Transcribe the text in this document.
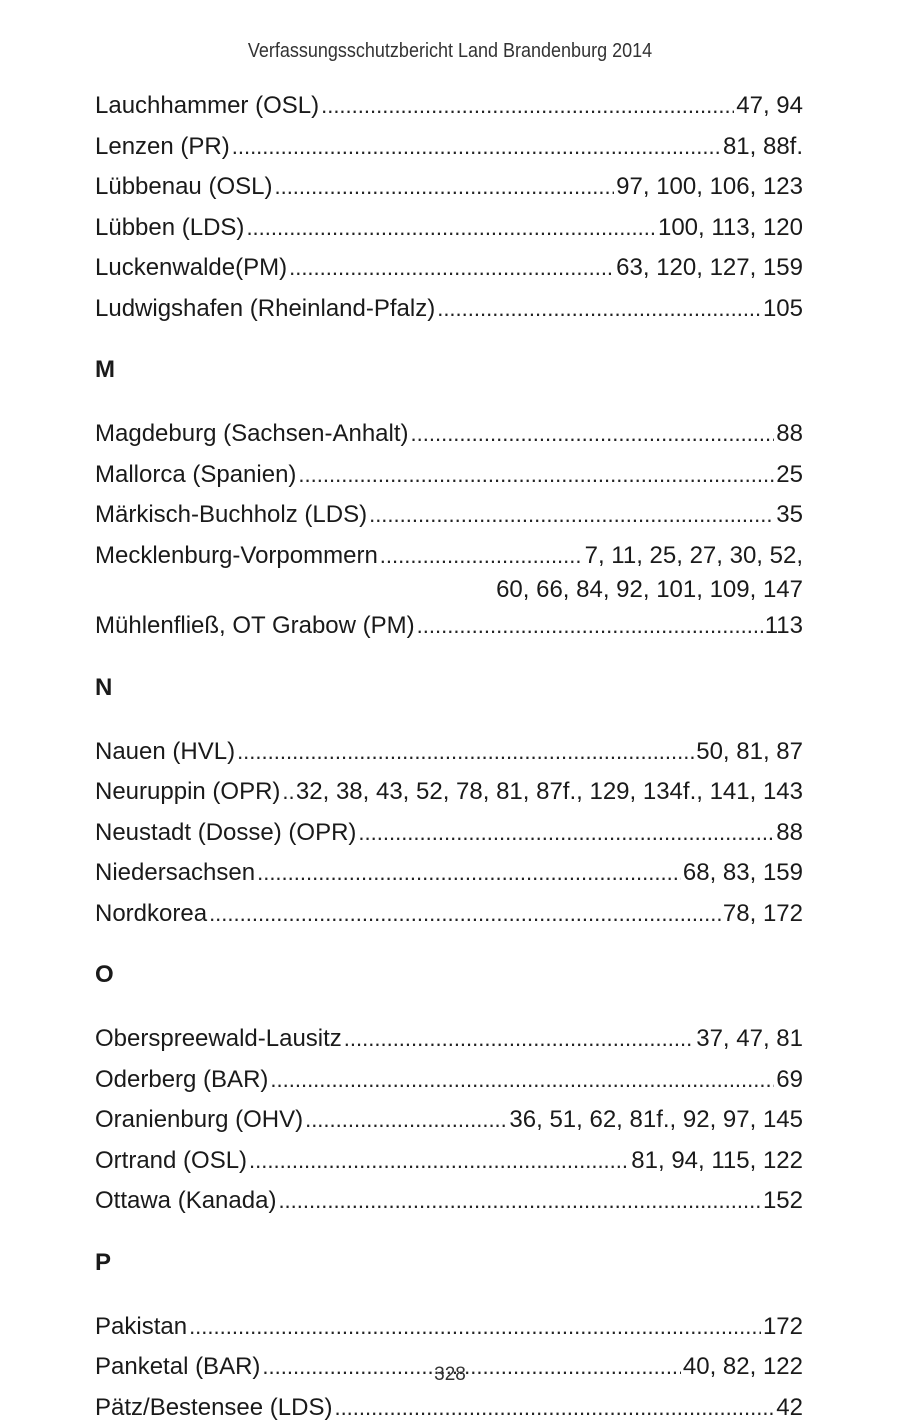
Verfassungsschutzbericht Land Brandenburg 2014
Lauchhammer (OSL) .....	47, 94
Lenzen (PR) .....	81, 88f.
Lübbenau (OSL) .....	97, 100, 106, 123
Lübben (LDS) .....	100, 113, 120
Luckenwalde(PM) .....	63, 120, 127, 159
Ludwigshafen (Rheinland-Pfalz) .....	105
M
Magdeburg (Sachsen-Anhalt) .....	88
Mallorca (Spanien) .....	25
Märkisch-Buchholz (LDS) .....	35
Mecklenburg-Vorpommern .....	7, 11, 25, 27, 30, 52,
60, 66, 84, 92, 101, 109, 147
Mühlenfließ, OT Grabow (PM) .....	113
N
Nauen (HVL) .....	50, 81, 87
Neuruppin (OPR) ..... 32, 38, 43, 52, 78, 81, 87f., 129, 134f., 141, 143
Neustadt (Dosse) (OPR) .....	88
Niedersachsen .....	68, 83, 159
Nordkorea .....	78, 172
O
Oberspreewald-Lausitz .....	37, 47, 81
Oderberg (BAR) .....	69
Oranienburg (OHV) .....	36, 51, 62, 81f., 92, 97, 145
Ortrand (OSL) .....	81, 94, 115, 122
Ottawa (Kanada) .....	152
P
Pakistan .....	172
Panketal (BAR) .....	40, 82, 122
Pätz/Bestensee (LDS) .....	42
328
